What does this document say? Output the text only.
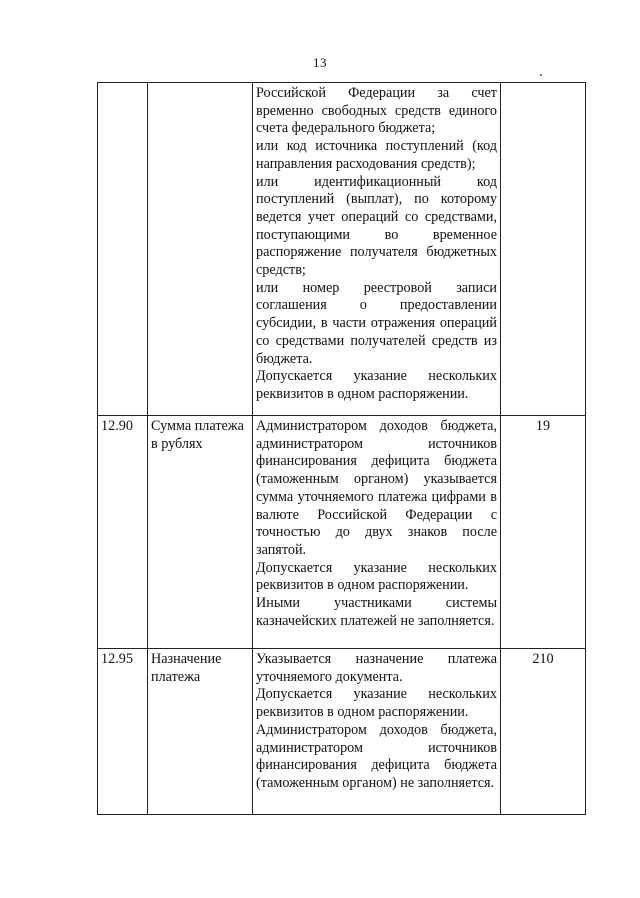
13

		Российской Федерации за счет временно свободных средств единого счета федерального бюджета;

или код источника поступлений (код направления расходования средств);

или идентификационный код поступлений (выплат), по которому ведется учет операций со средствами, поступающими во временное распоряжение получателя бюджетных средств;

или номер реестровой записи соглашения о предоставлении субсидии, в части отражения операций со средствами получателей средств из бюджета.

Допускается указание нескольких реквизитов в одном распоряжении.	

12.90	Сумма платежа в рублях	Администратором доходов бюджета, администратором источников финансирования дефицита бюджета (таможенным органом) указывается сумма уточняемого платежа цифрами в валюте Российской Федерации с точностью до двух знаков после запятой.

Допускается указание нескольких реквизитов в одном распоряжении.

Иными участниками системы казначейских платежей не заполняется.	19
12.95	Назначение платежа	Указывается назначение платежа уточняемого документа.

Допускается указание нескольких реквизитов в одном распоряжении.

Администратором доходов бюджета, администратором источников финансирования дефицита бюджета (таможенным органом) не заполняется.	210
